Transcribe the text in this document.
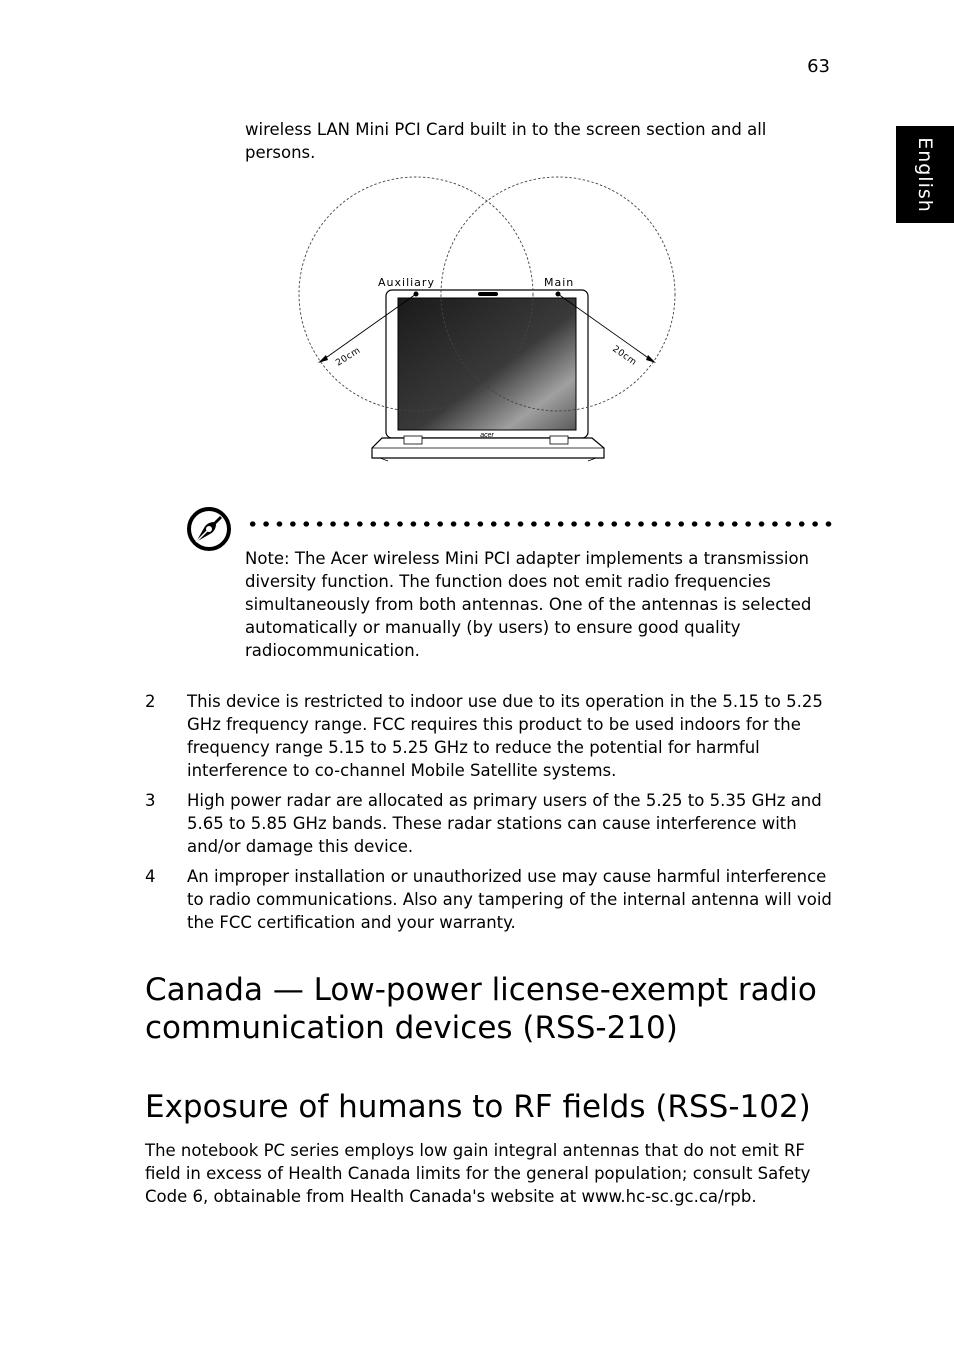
63
English
wireless LAN Mini PCI Card built in to the screen section and all persons.
acer
Auxiliary	Main
20cm	20cm
Note: The Acer wireless Mini PCI adapter implements a transmission diversity function. The function does not emit radio frequencies simultaneously from both antennas. One of the antennas is selected automatically or manually (by users) to ensure good quality radiocommunication.
2	This device is restricted to indoor use due to its operation in the 5.15 to 5.25 GHz frequency range. FCC requires this product to be used indoors for the frequency range 5.15 to 5.25 GHz to reduce the potential for harmful interference to co-channel Mobile Satellite systems.
3	High power radar are allocated as primary users of the 5.25 to 5.35 GHz and 5.65 to 5.85 GHz bands. These radar stations can cause interference with and/or damage this device.
4	An improper installation or unauthorized use may cause harmful interference to radio communications. Also any tampering of the internal antenna will void the FCC certification and your warranty.
Canada — Low-power license-exempt radio communication devices (RSS-210)
Exposure of humans to RF fields (RSS-102)
The notebook PC series employs low gain integral antennas that do not emit RF field in excess of Health Canada limits for the general population; consult Safety Code 6, obtainable from Health Canada's website at www.hc-sc.gc.ca/rpb.
